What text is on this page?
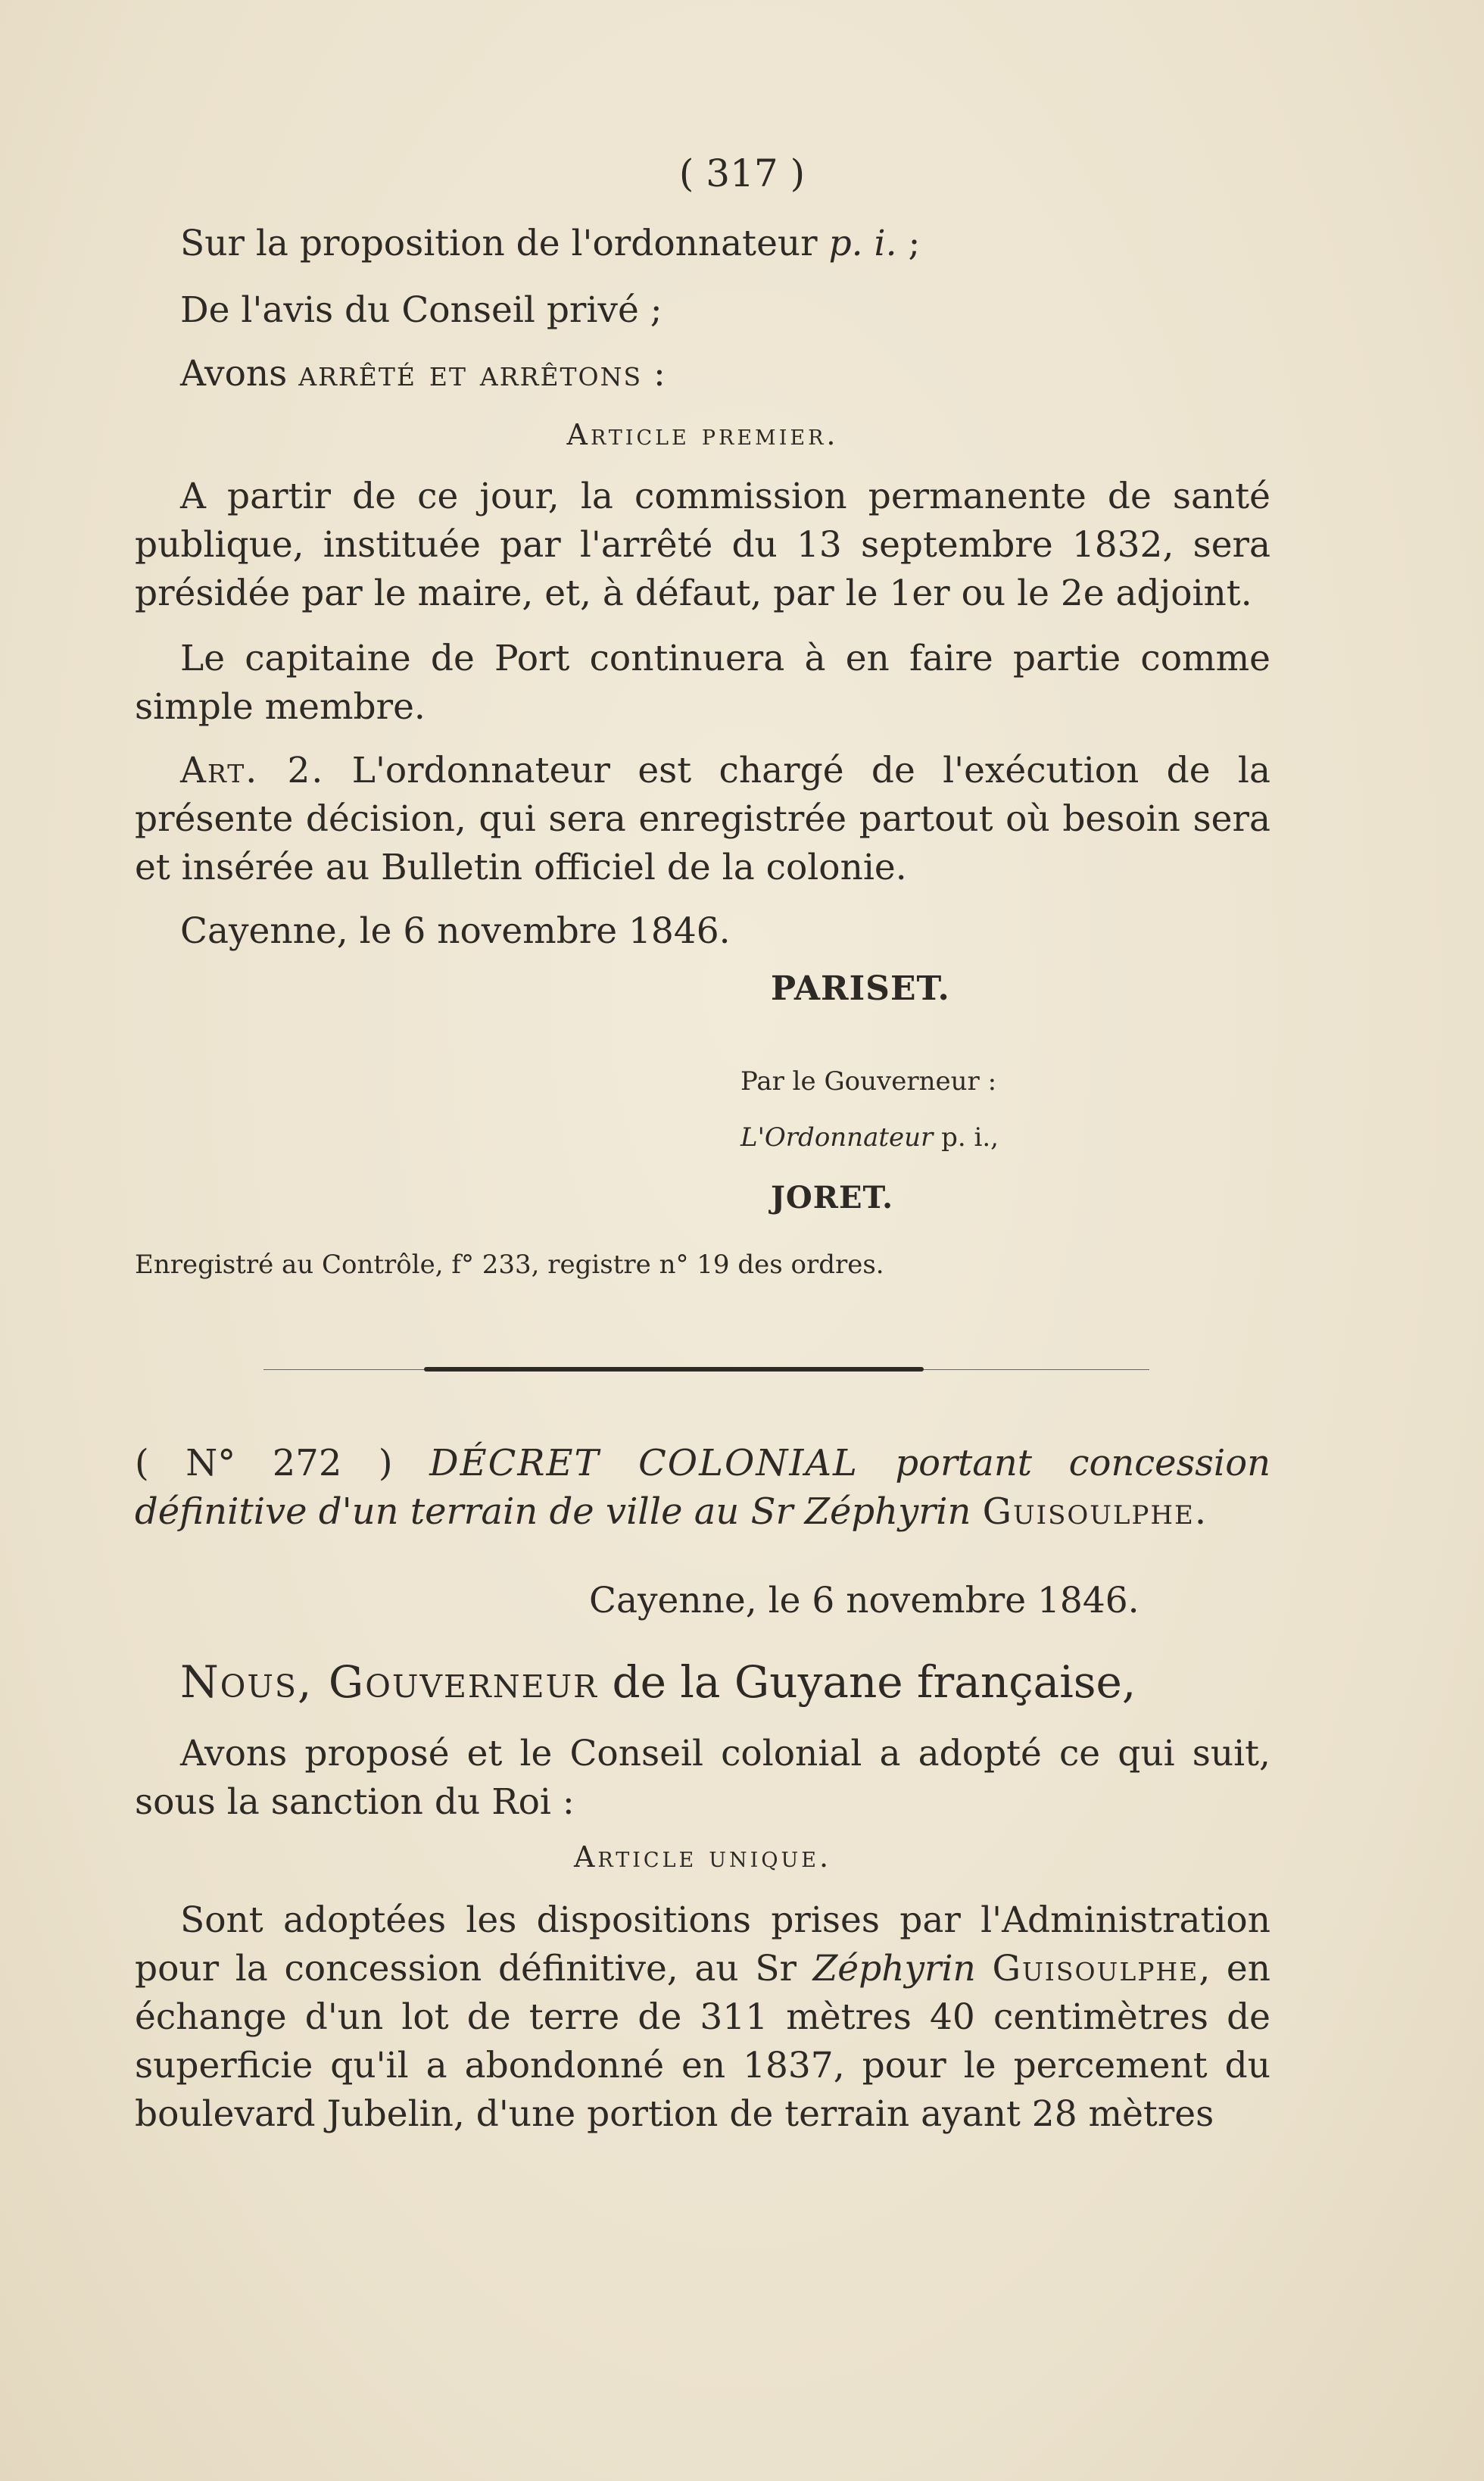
( 317 )

Sur la proposition de l'ordonnateur p. i. ;

De l'avis du Conseil privé ;

Avons arrêté et arrêtons :

Article premier.

A partir de ce jour, la commission permanente de santé publique, instituée par l'arrêté du 13 septembre 1832, sera présidée par le maire, et, à défaut, par le 1er ou le 2e adjoint.

Le capitaine de Port continuera à en faire partie comme simple membre.

Art. 2. L'ordonnateur est chargé de l'exécution de la présente décision, qui sera enregistrée partout où besoin sera et insérée au Bulletin officiel de la colonie.

Cayenne, le 6 novembre 1846.

PARISET.

Par le Gouverneur :

L'Ordonnateur p. i.,

JORET.

Enregistré au Contrôle, f° 233, registre n° 19 des ordres.

( N° 272 ) DÉCRET COLONIAL portant concession définitive d'un terrain de ville au Sr Zéphyrin Guisoulphe.

Cayenne, le 6 novembre 1846.

Nous, Gouverneur de la Guyane française,

Avons proposé et le Conseil colonial a adopté ce qui suit, sous la sanction du Roi :

Article unique.

Sont adoptées les dispositions prises par l'Administration pour la concession définitive, au Sr Zéphyrin Guisoulphe, en échange d'un lot de terre de 311 mètres 40 centimètres de superficie qu'il a abondonné en 1837, pour le percement du boulevard Jubelin, d'une portion de terrain ayant 28 mètres
